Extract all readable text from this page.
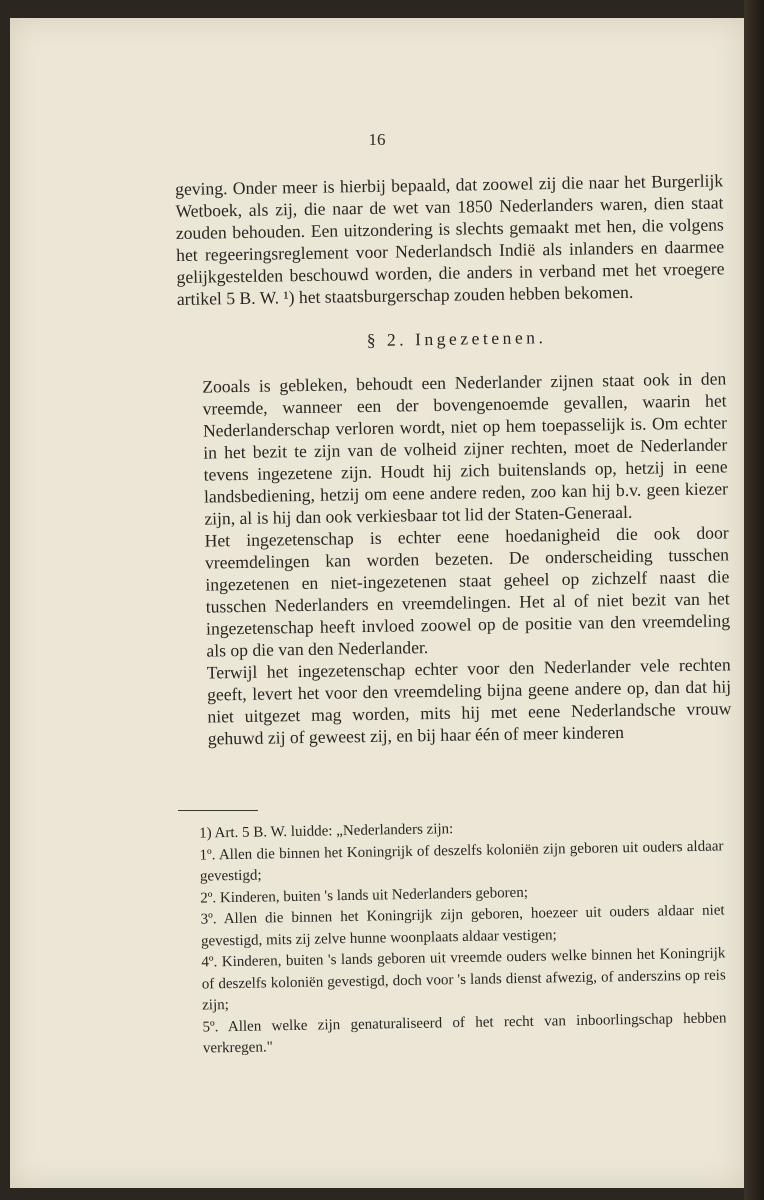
16

geving. Onder meer is hierbij bepaald, dat zoowel zij die naar het Burgerlijk Wetboek, als zij, die naar de wet van 1850 Nederlanders waren, dien staat zouden behouden. Een uitzondering is slechts gemaakt met hen, die volgens het regeeringsreglement voor Nederlandsch Indië als inlanders en daarmee gelijkgestelden beschouwd worden, die anders in verband met het vroegere artikel 5 B. W. ¹) het staatsburgerschap zouden hebben bekomen.

§ 2. Ingezetenen.

Zooals is gebleken, behoudt een Nederlander zijnen staat ook in den vreemde, wanneer een der bovengenoemde gevallen, waarin het Nederlanderschap verloren wordt, niet op hem toepasselijk is. Om echter in het bezit te zijn van de volheid zijner rechten, moet de Nederlander tevens ingezetene zijn. Houdt hij zich buitenslands op, hetzij in eene landsbediening, hetzij om eene andere reden, zoo kan hij b.v. geen kiezer zijn, al is hij dan ook verkiesbaar tot lid der Staten-Generaal.

Het ingezetenschap is echter eene hoedanigheid die ook door vreemdelingen kan worden bezeten. De onderscheiding tusschen ingezetenen en niet-ingezetenen staat geheel op zichzelf naast die tusschen Nederlanders en vreemdelingen. Het al of niet bezit van het ingezetenschap heeft invloed zoowel op de positie van den vreemdeling als op die van den Nederlander.

Terwijl het ingezetenschap echter voor den Nederlander vele rechten geeft, levert het voor den vreemdeling bijna geene andere op, dan dat hij niet uitgezet mag worden, mits hij met eene Nederlandsche vrouw gehuwd zij of geweest zij, en bij haar één of meer kinderen

1) Art. 5 B. W. luidde: „Nederlanders zijn:

1º. Allen die binnen het Koningrijk of deszelfs koloniën zijn geboren uit ouders aldaar gevestigd;

2º. Kinderen, buiten 's lands uit Nederlanders geboren;

3º. Allen die binnen het Koningrijk zijn geboren, hoezeer uit ouders aldaar niet gevestigd, mits zij zelve hunne woonplaats aldaar vestigen;

4º. Kinderen, buiten 's lands geboren uit vreemde ouders welke binnen het Koningrijk of deszelfs koloniën gevestigd, doch voor 's lands dienst afwezig, of anderszins op reis zijn;

5º. Allen welke zijn genaturaliseerd of het recht van inboorlingschap hebben verkregen."
